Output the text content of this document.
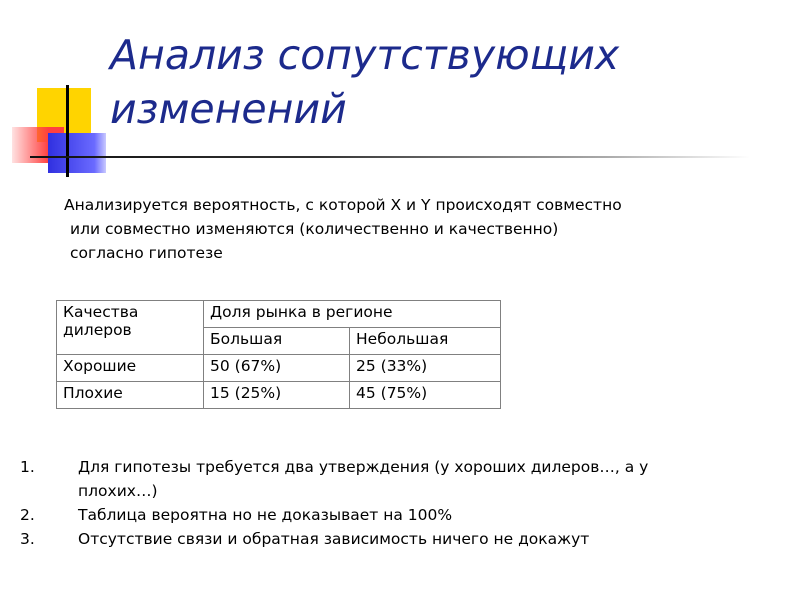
Анализ сопутствующих
изменений
Анализируется вероятность, с которой X и Y происходят совместно
или совместно изменяются (количественно и качественно)
согласно гипотезе
Качества дилеров	Доля рынка в регионе	
	Большая	Небольшая
Хорошие	50 (67%)	25 (33%)
Плохие	15 (25%)	45 (75%)
1.	Для гипотезы требуется два утверждения (у хороших дилеров…, а у
плохих…)
2.	Таблица вероятна но не доказывает на 100%
3.	Отсутствие связи и обратная зависимость ничего не докажут
